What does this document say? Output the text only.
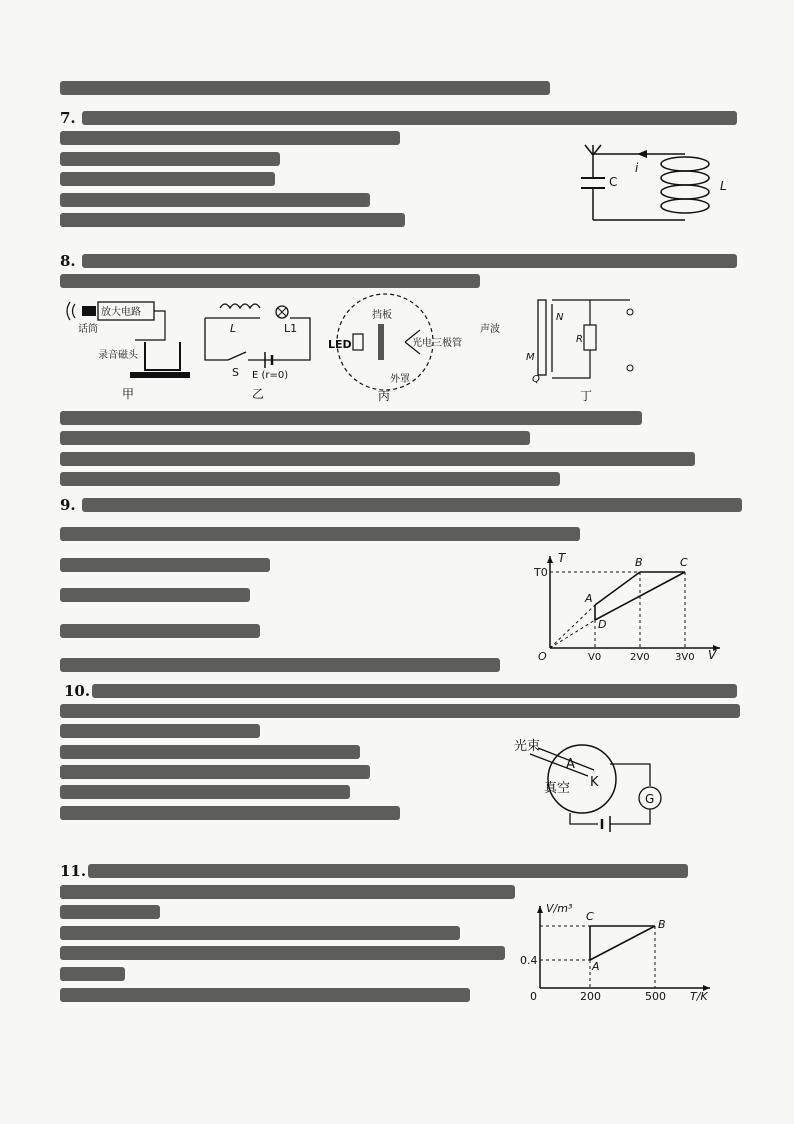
7.
C
i
L
8.
放大电路
话筒
录音磁头
甲
L	L1
S E (r=0)
乙
LED
挡板
光电三极管
外罩
丙
声波
N
M
Q
R
丁
9.
T
V
T0
O
A
B	C
D
V0	2V0	3V0
10.
光束
A
K
真空
G
11.
V/m³
T/K
0
0.4	A
B
C
200	500
